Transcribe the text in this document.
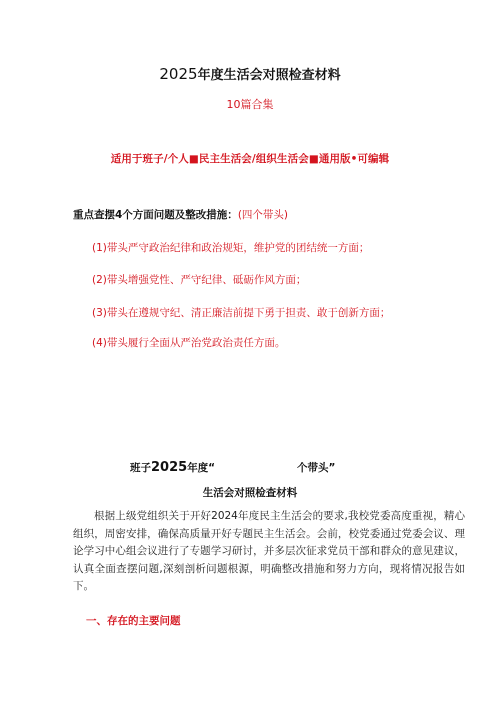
2025年度生活会对照检查材料
10篇合集
适用于班子/个人■民主生活会/组织生活会■通用版•可编辑
重点查摆4个方面问题及整改措施：(四个带头)
(1)带头严守政治纪律和政治规矩，维护党的团结统一方面；
(2)带头增强党性、严守纪律、砥砺作风方面；
(3)带头在遵规守纪、清正廉洁前提下勇于担责、敢于创新方面；
(4)带头履行全面从严治党政治责任方面。
班子2025年度“	个带头”
生活会对照检查材料
根据上级党组织关于开好2024年度民主生活会的要求,我校党委高度重视，精心组织，周密安排，确保高质量开好专题民主生活会。会前，校党委通过党委会议、理论学习中心组会议进行了专题学习研讨，并多层次征求党员干部和群众的意见建议，认真全面查摆问题,深刻剖析问题根源，明确整改措施和努力方向，现将情况报告如下。
一、存在的主要问题
